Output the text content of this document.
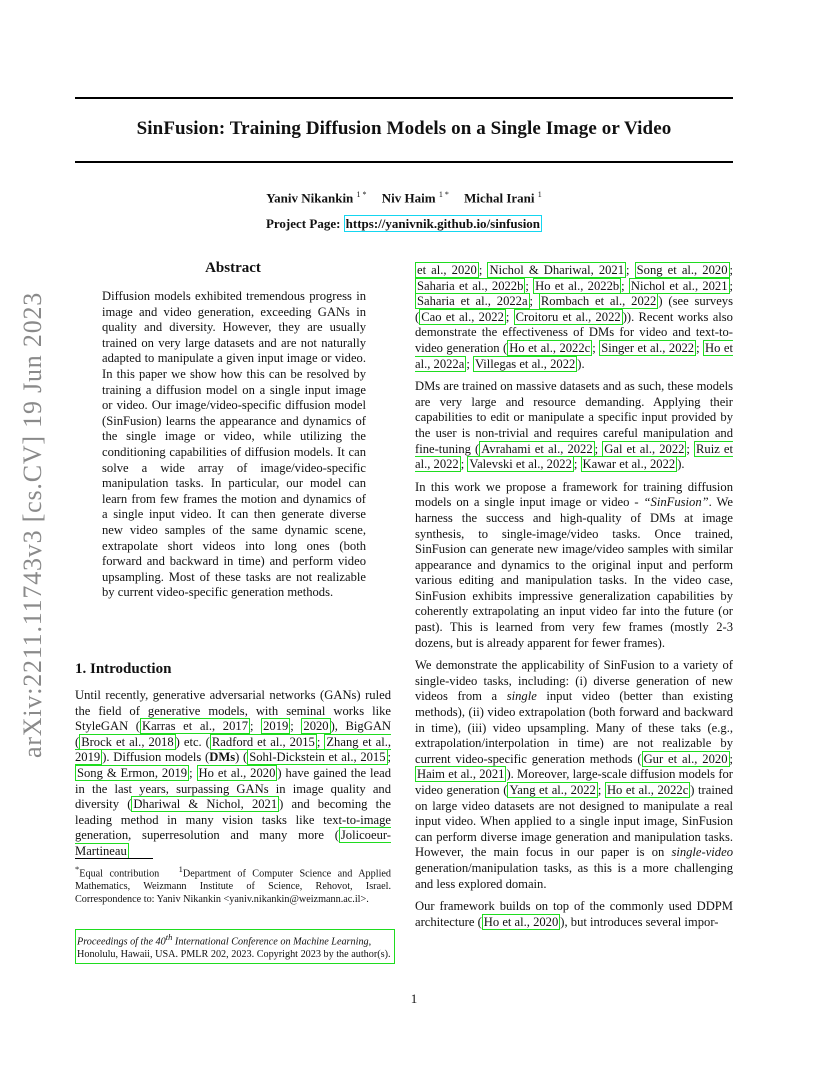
arXiv:2211.11743v3 [cs.CV] 19 Jun 2023
SinFusion: Training Diffusion Models on a Single Image or Video
Yaniv Nikankin $^{1 *}$ Niv Haim $^{1 *}$ Michal Irani $^1$
Project Page: https://yanivnik.github.io/sinfusion
Abstract
Diffusion models exhibited tremendous progress in image and video generation, exceeding GANs in quality and diversity. However, they are usually trained on very large datasets and are not naturally adapted to manipulate a given input image or video. In this paper we show how this can be resolved by training a diffusion model on a single input image or video. Our image/video-specific diffusion model (SinFusion) learns the appearance and dynamics of the single image or video, while utilizing the conditioning capabilities of diffusion models. It can solve a wide array of image/video-specific manipulation tasks. In particular, our model can learn from few frames the motion and dynamics of a single input video. It can then generate diverse new video samples of the same dynamic scene, extrapolate short videos into long ones (both forward and backward in time) and perform video upsampling. Most of these tasks are not realizable by current video-specific generation methods.
1. Introduction
Until recently, generative adversarial networks (GANs) ruled the field of generative models, with seminal works like StyleGAN ( Karras et al., 2017 ; 2019 ; 2020 ), BigGAN ( Brock et al., 2018 ) etc. ( Radford et al., 2015 ; Zhang et al., 2019 ). Diffusion models (DMs) ( Sohl-Dickstein et al., 2015 ; Song & Ermon, 2019 ; Ho et al., 2020 ) have gained the lead in the last years, surpassing GANs in image quality and diversity ( Dhariwal & Nichol, 2021 ) and becoming the leading method in many vision tasks like text-to-image generation, superresolution and many more ( Jolicoeur-Martineau
*Equal contribution $^1$Department of Computer Science and Applied Mathematics, Weizmann Institute of Science, Rehovot, Israel. Correspondence to: Yaniv Nikankin <yaniv.nikankin@weizmann.ac.il>.
Proceedings of the 40th International Conference on Machine Learning, Honolulu, Hawaii, USA. PMLR 202, 2023. Copyright 2023 by the author(s).

et al., 2020 ; Nichol & Dhariwal, 2021 ; Song et al., 2020 ; Saharia et al., 2022b ; Ho et al., 2022b ; Nichol et al., 2021 ; Saharia et al., 2022a ; Rombach et al., 2022 ) (see surveys ( Cao et al., 2022 ; Croitoru et al., 2022 )). Recent works also demonstrate the effectiveness of DMs for video and text-to-video generation ( Ho et al., 2022c ; Singer et al., 2022 ; Ho et al., 2022a ; Villegas et al., 2022 ).

DMs are trained on massive datasets and as such, these models are very large and resource demanding. Applying their capabilities to edit or manipulate a specific input provided by the user is non-trivial and requires careful manipulation and fine-tuning ( Avrahami et al., 2022 ; Gal et al., 2022 ; Ruiz et al., 2022 ; Valevski et al., 2022 ; Kawar et al., 2022 ).

In this work we propose a framework for training diffusion models on a single input image or video - “SinFusion”. We harness the success and high-quality of DMs at image synthesis, to single-image/video tasks. Once trained, SinFusion can generate new image/video samples with similar appearance and dynamics to the original input and perform various editing and manipulation tasks. In the video case, SinFusion exhibits impressive generalization capabilities by coherently extrapolating an input video far into the future (or past). This is learned from very few frames (mostly 2-3 dozens, but is already apparent for fewer frames).

We demonstrate the applicability of SinFusion to a variety of single-video tasks, including: (i) diverse generation of new videos from a single input video (better than existing methods), (ii) video extrapolation (both forward and backward in time), (iii) video upsampling. Many of these taks (e.g., extrapolation/interpolation in time) are not realizable by current video-specific generation methods ( Gur et al., 2020 ; Haim et al., 2021 ). Moreover, large-scale diffusion models for video generation ( Yang et al., 2022 ; Ho et al., 2022c ) trained on large video datasets are not designed to manipulate a real input video. When applied to a single input image, SinFusion can perform diverse image generation and manipulation tasks. However, the main focus in our paper is on single-video generation/manipulation tasks, as this is a more challenging and less explored domain.

Our framework builds on top of the commonly used DDPM architecture ( Ho et al., 2020 ), but introduces several impor-

1
